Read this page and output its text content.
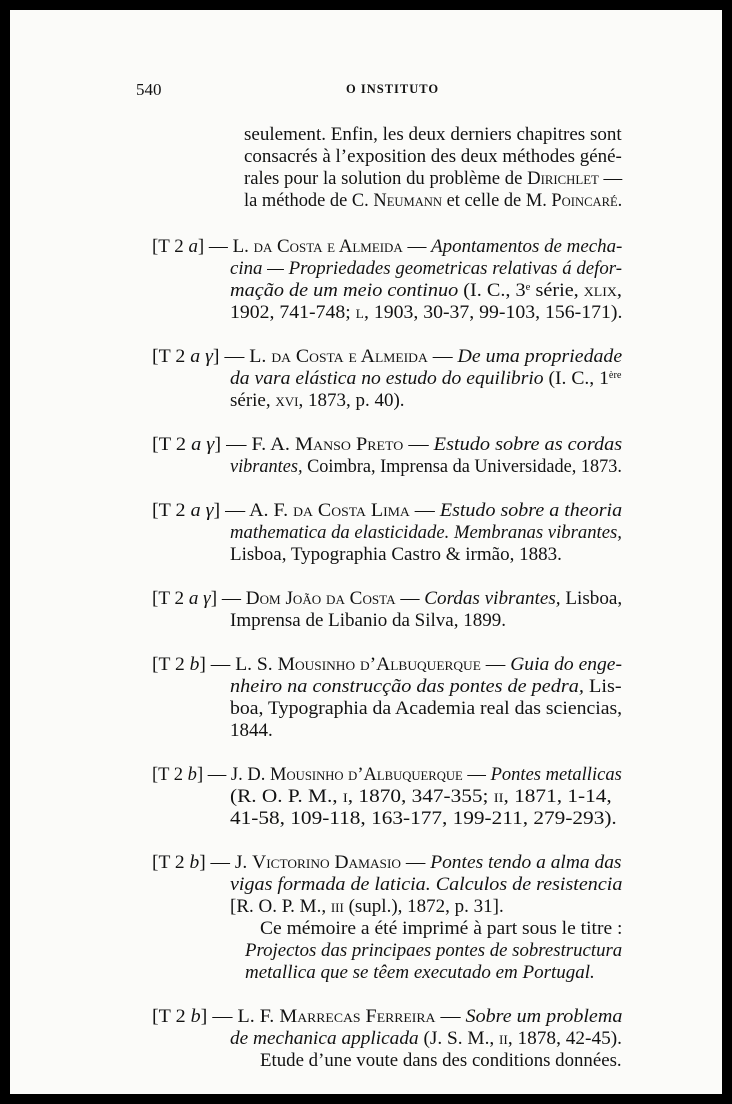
540	O INSTITUTO
seulement. Enfin, les deux derniers chapitres sont
consacrés à l’exposition des deux méthodes géné-
rales pour la solution du problème de Dirichlet —
la méthode de C. Neumann et celle de M. Poincaré.
[T 2 a] — L. da Costa e Almeida — Apontamentos de mecha-
cina — Propriedades geometricas relativas á defor-
mação de um meio continuo (I. C., 3e série, xlix,
1902, 741-748; l, 1903, 30-37, 99-103, 156-171).
[T 2 a γ] — L. da Costa e Almeida — De uma propriedade
da vara elástica no estudo do equilibrio (I. C., 1ère
série, xvi, 1873, p. 40).
[T 2 a γ] — F. A. Manso Preto — Estudo sobre as cordas
vibrantes, Coimbra, Imprensa da Universidade, 1873.
[T 2 a γ] — A. F. da Costa Lima — Estudo sobre a theoria
mathematica da elasticidade. Membranas vibrantes,
Lisboa, Typographia Castro & irmão, 1883.
[T 2 a γ] — Dom João da Costa — Cordas vibrantes, Lisboa,
Imprensa de Libanio da Silva, 1899.
[T 2 b] — L. S. Mousinho d’Albuquerque — Guia do enge-
nheiro na construcção das pontes de pedra, Lis-
boa, Typographia da Academia real das sciencias,
1844.
[T 2 b] — J. D. Mousinho d’Albuquerque — Pontes metallicas
(R. O. P. M., i, 1870, 347-355; ii, 1871, 1-14,
41-58, 109-118, 163-177, 199-211, 279-293).
[T 2 b] — J. Victorino Damasio — Pontes tendo a alma das
vigas formada de laticia. Calculos de resistencia
[R. O. P. M., iii (supl.), 1872, p. 31].
Ce mémoire a été imprimé à part sous le titre :
Projectos das principaes pontes de sobrestructura
metallica que se têem executado em Portugal.
[T 2 b] — L. F. Marrecas Ferreira — Sobre um problema
de mechanica applicada (J. S. M., ii, 1878, 42-45).
Etude d’une voute dans des conditions données.
